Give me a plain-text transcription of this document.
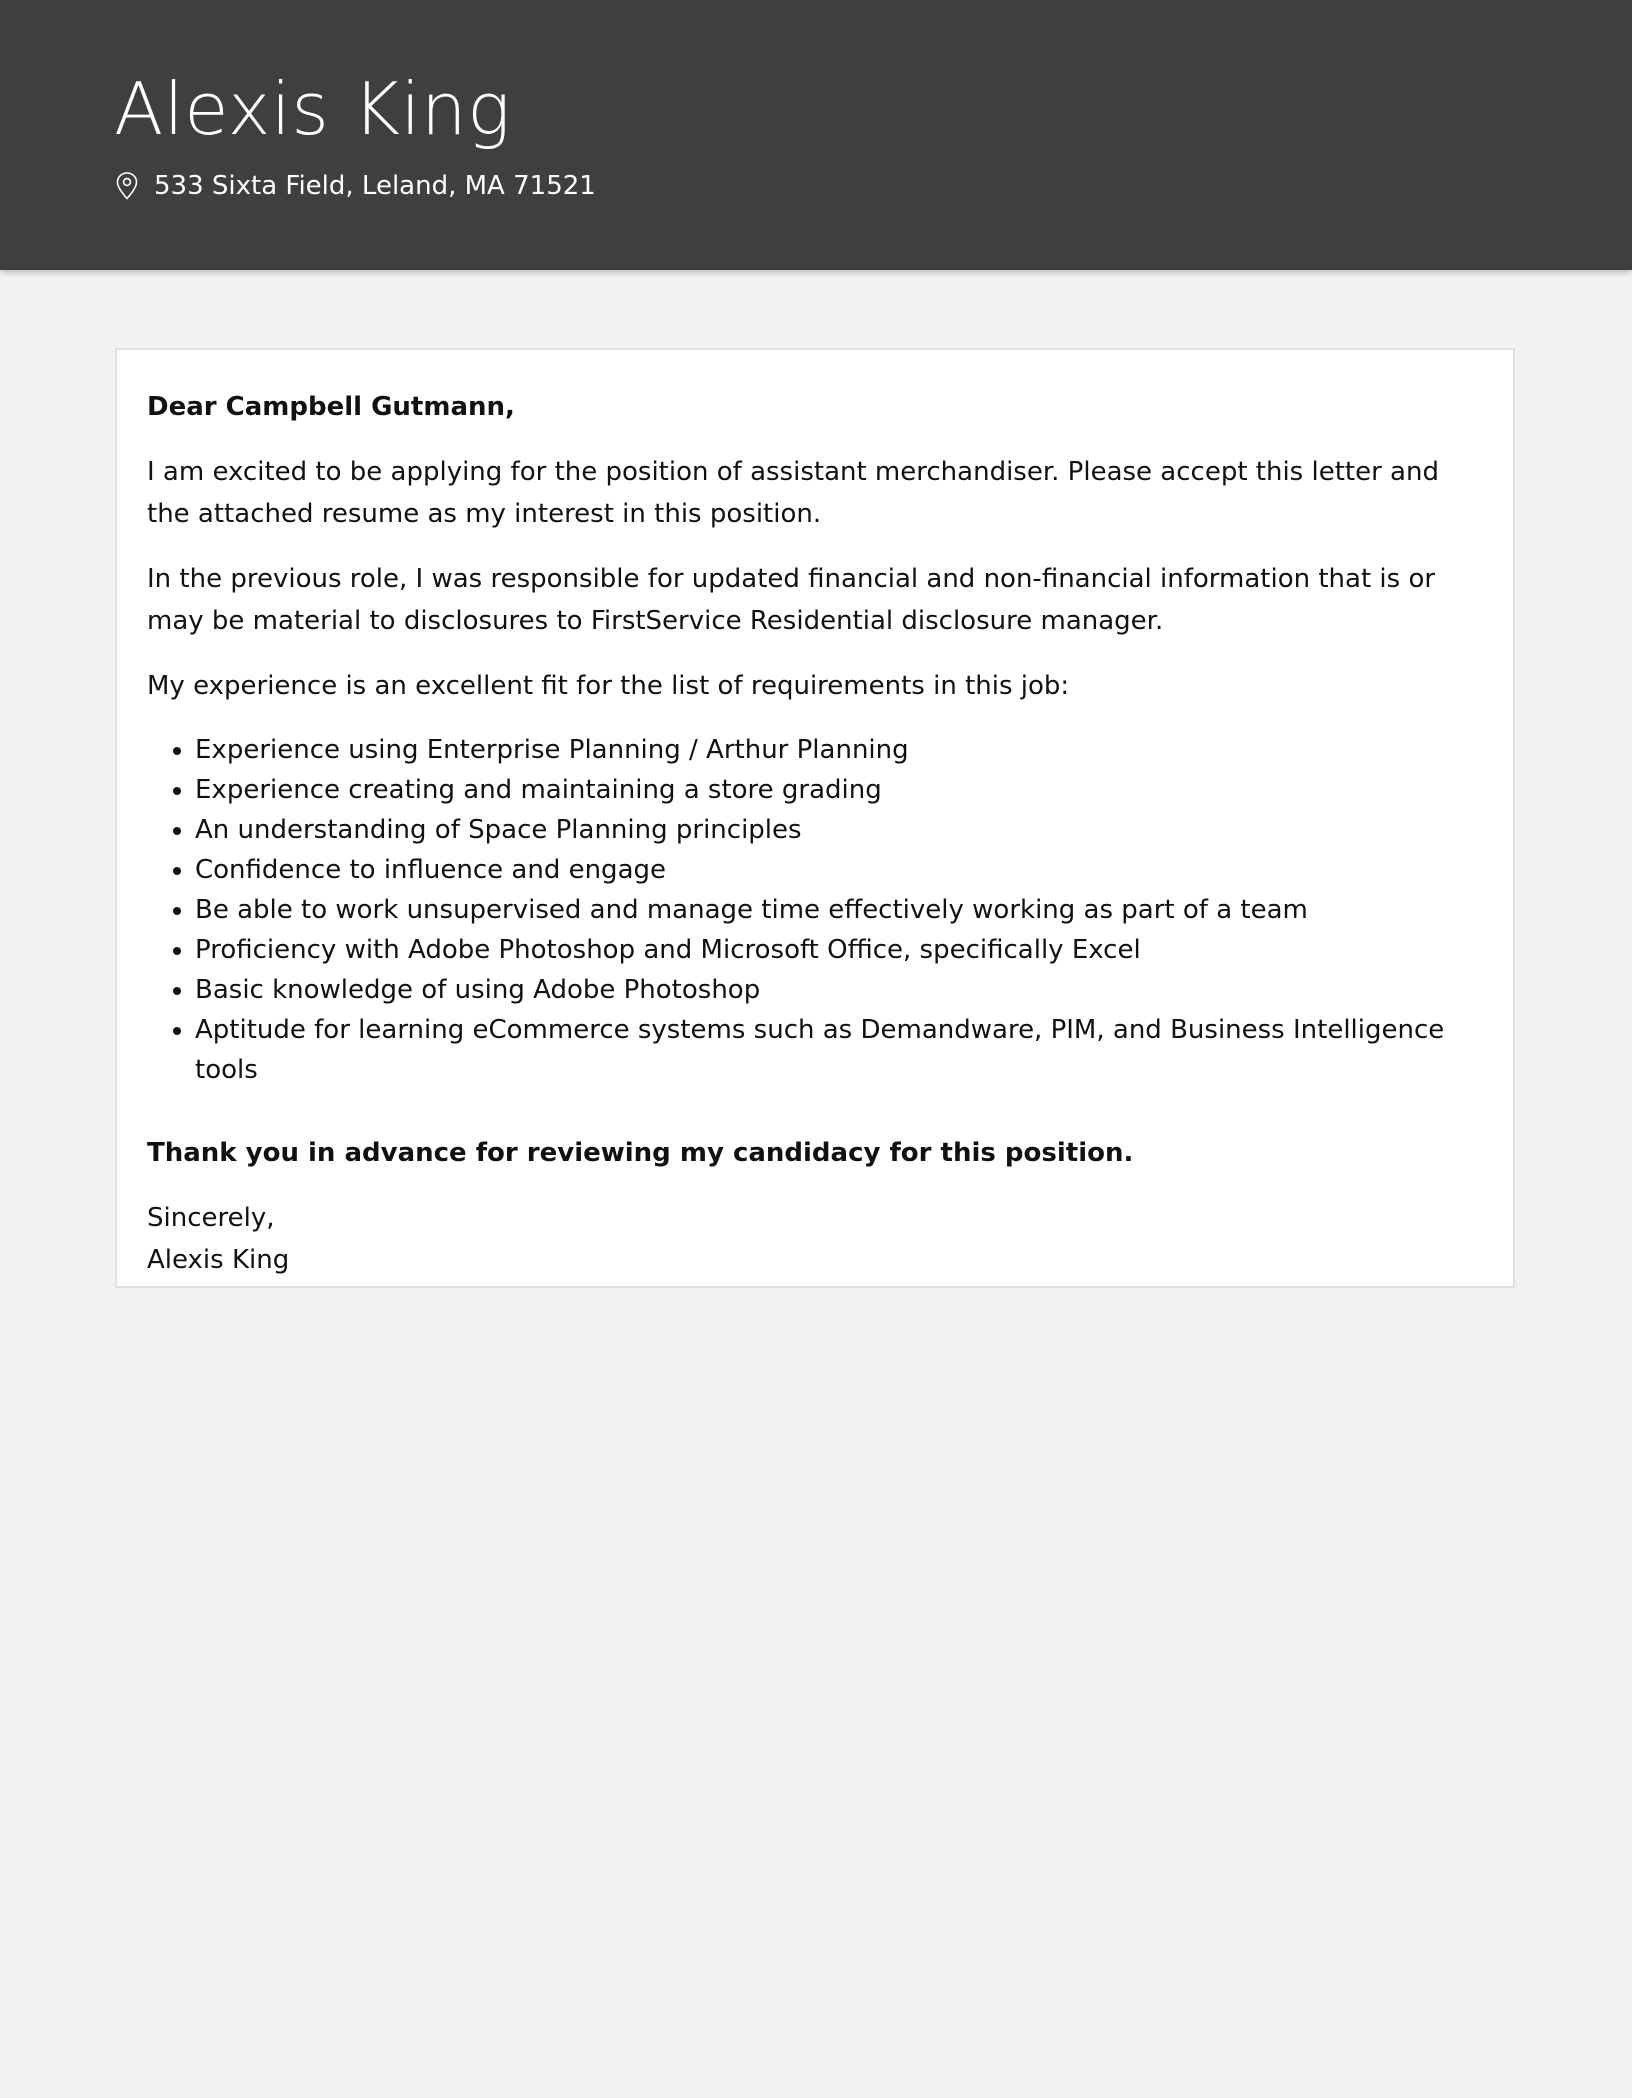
Alexis King
533 Sixta Field, Leland, MA 71521

Dear Campbell Gutmann,

I am excited to be applying for the position of assistant merchandiser. Please accept this letter and the attached resume as my interest in this position.

In the previous role, I was responsible for updated financial and non-financial information that is or may be material to disclosures to FirstService Residential disclosure manager.

My experience is an excellent fit for the list of requirements in this job:

• Experience using Enterprise Planning / Arthur Planning
• Experience creating and maintaining a store grading
• An understanding of Space Planning principles
• Confidence to influence and engage
• Be able to work unsupervised and manage time effectively working as part of a team
• Proficiency with Adobe Photoshop and Microsoft Office, specifically Excel
• Basic knowledge of using Adobe Photoshop
• Aptitude for learning eCommerce systems such as Demandware, PIM, and Business Intelligence tools

Thank you in advance for reviewing my candidacy for this position.

Sincerely,
Alexis King
